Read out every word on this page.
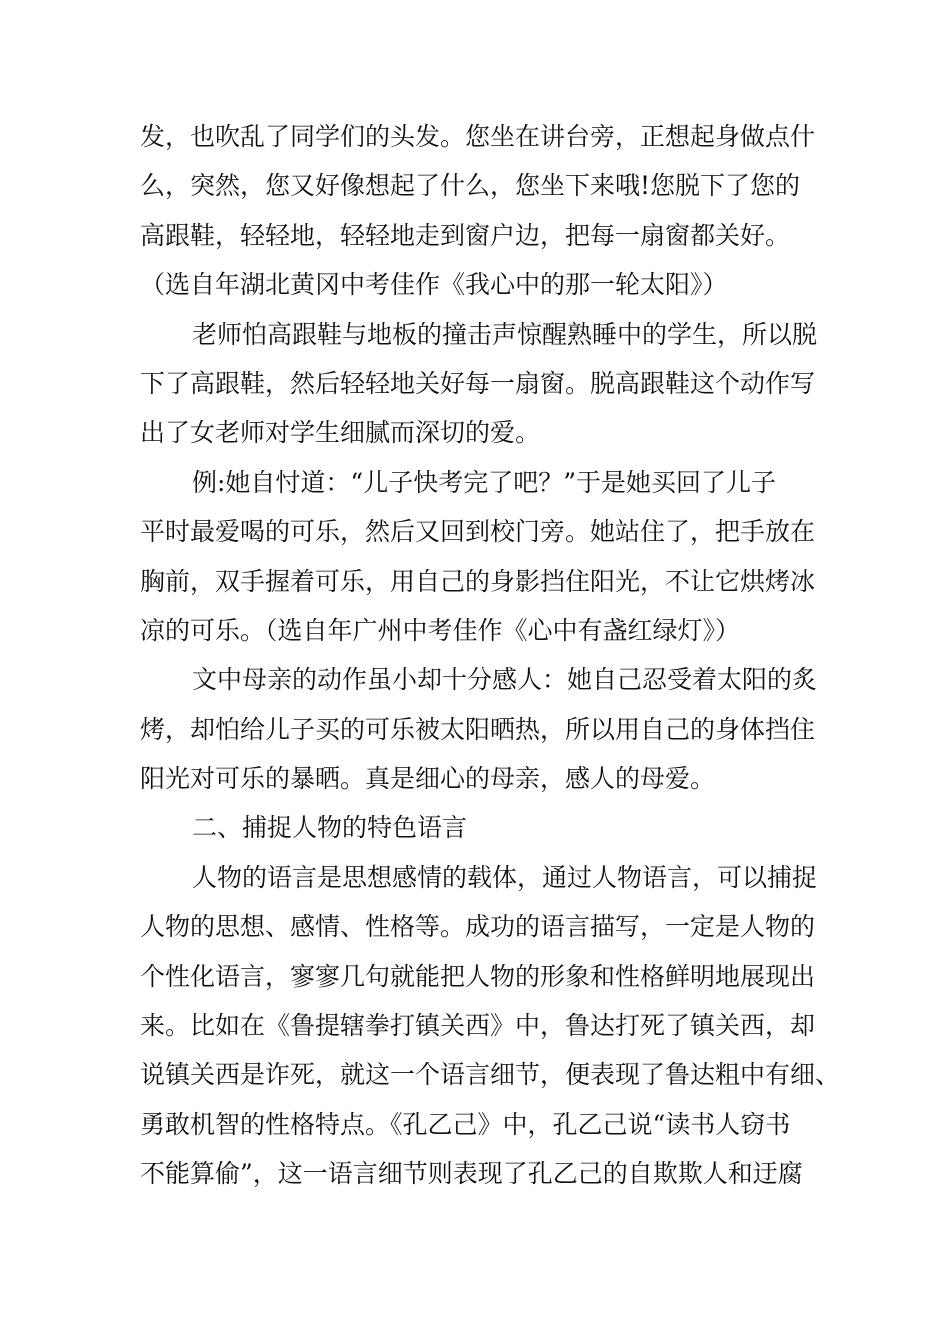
发，也吹乱了同学们的头发。您坐在讲台旁，正想起身做点什
么，突然，您又好像想起了什么，您坐下来哦!您脱下了您的
高跟鞋，轻轻地，轻轻地走到窗户边，把每一扇窗都关好。
（选自年湖北黄冈中考佳作《我心中的那一轮太阳》）
老师怕高跟鞋与地板的撞击声惊醒熟睡中的学生，所以脱
下了高跟鞋，然后轻轻地关好每一扇窗。脱高跟鞋这个动作写
出了女老师对学生细腻而深切的爱。
例:她自忖道：“儿子快考完了吧？”于是她买回了儿子
平时最爱喝的可乐，然后又回到校门旁。她站住了，把手放在
胸前，双手握着可乐，用自己的身影挡住阳光，不让它烘烤冰
凉的可乐。（选自年广州中考佳作《心中有盏红绿灯》）
文中母亲的动作虽小却十分感人：她自己忍受着太阳的炙
烤，却怕给儿子买的可乐被太阳晒热，所以用自己的身体挡住
阳光对可乐的暴晒。真是细心的母亲，感人的母爱。
二、捕捉人物的特色语言
人物的语言是思想感情的载体，通过人物语言，可以捕捉
人物的思想、感情、性格等。成功的语言描写，一定是人物的
个性化语言，寥寥几句就能把人物的形象和性格鲜明地展现出
来。比如在《鲁提辖拳打镇关西》中，鲁达打死了镇关西，却
说镇关西是诈死，就这一个语言细节，便表现了鲁达粗中有细、
勇敢机智的性格特点。《孔乙己》中，孔乙己说“读书人窃书
不能算偷”，这一语言细节则表现了孔乙己的自欺欺人和迂腐
